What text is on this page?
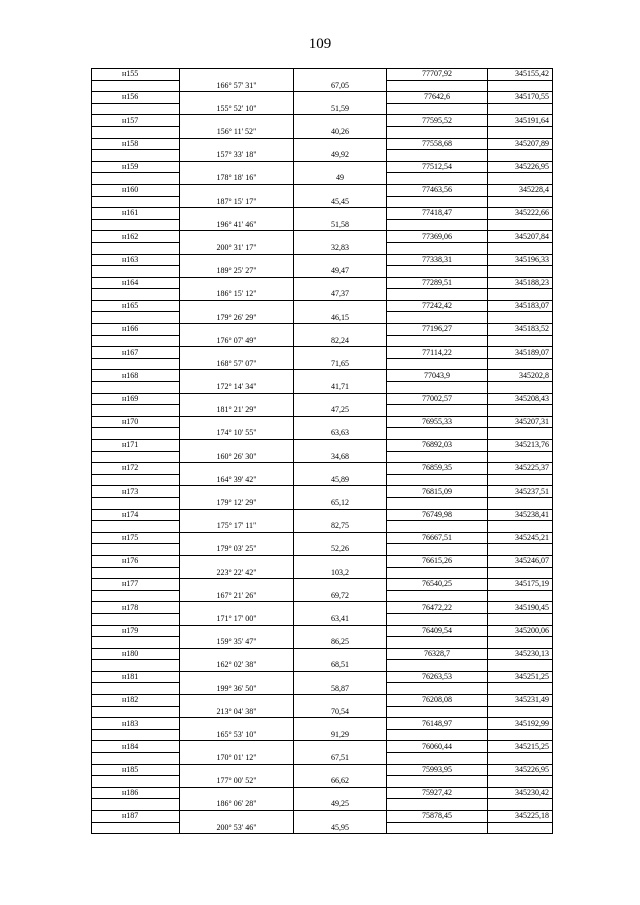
109
н155			77707,92	345155,42
	166° 57' 31"	67,05		
н156			77642,6	345170,55
	155° 52' 10"	51,59		
н157			77595,52	345191,64
	156° 11' 52"	40,26		
н158			77558,68	345207,89
	157° 33' 18"	49,92		
н159			77512,54	345226,95
	178° 18' 16"	49		
н160			77463,56	345228,4
	187° 15' 17"	45,45		
н161			77418,47	345222,66
	196° 41' 46"	51,58		
н162			77369,06	345207,84
	200° 31' 17"	32,83		
н163			77338,31	345196,33
	189° 25' 27"	49,47		
н164			77289,51	345188,23
	186° 15' 12"	47,37		
н165			77242,42	345183,07
	179° 26' 29"	46,15		
н166			77196,27	345183,52
	176° 07' 49"	82,24		
н167			77114,22	345189,07
	168° 57' 07"	71,65		
н168			77043,9	345202,8
	172° 14' 34"	41,71		
н169			77002,57	345208,43
	181° 21' 29"	47,25		
н170			76955,33	345207,31
	174° 10' 55"	63,63		
н171			76892,03	345213,76
	160° 26' 30"	34,68		
н172			76859,35	345225,37
	164° 39' 42"	45,89		
н173			76815,09	345237,51
	179° 12' 29"	65,12		
н174			76749,98	345238,41
	175° 17' 11"	82,75		
н175			76667,51	345245,21
	179° 03' 25"	52,26		
н176			76615,26	345246,07
	223° 22' 42"	103,2		
н177			76540,25	345175,19
	167° 21' 26"	69,72		
н178			76472,22	345190,45
	171° 17' 00"	63,41		
н179			76409,54	345200,06
	159° 35' 47"	86,25		
н180			76328,7	345230,13
	162° 02' 38"	68,51		
н181			76263,53	345251,25
	199° 36' 50"	58,87		
н182			76208,08	345231,49
	213° 04' 38"	70,54		
н183			76148,97	345192,99
	165° 53' 10"	91,29		
н184			76060,44	345215,25
	170° 01' 12"	67,51		
н185			75993,95	345226,95
	177° 00' 52"	66,62		
н186			75927,42	345230,42
	186° 06' 28"	49,25		
н187			75878,45	345225,18
	200° 53' 46"	45,95		
